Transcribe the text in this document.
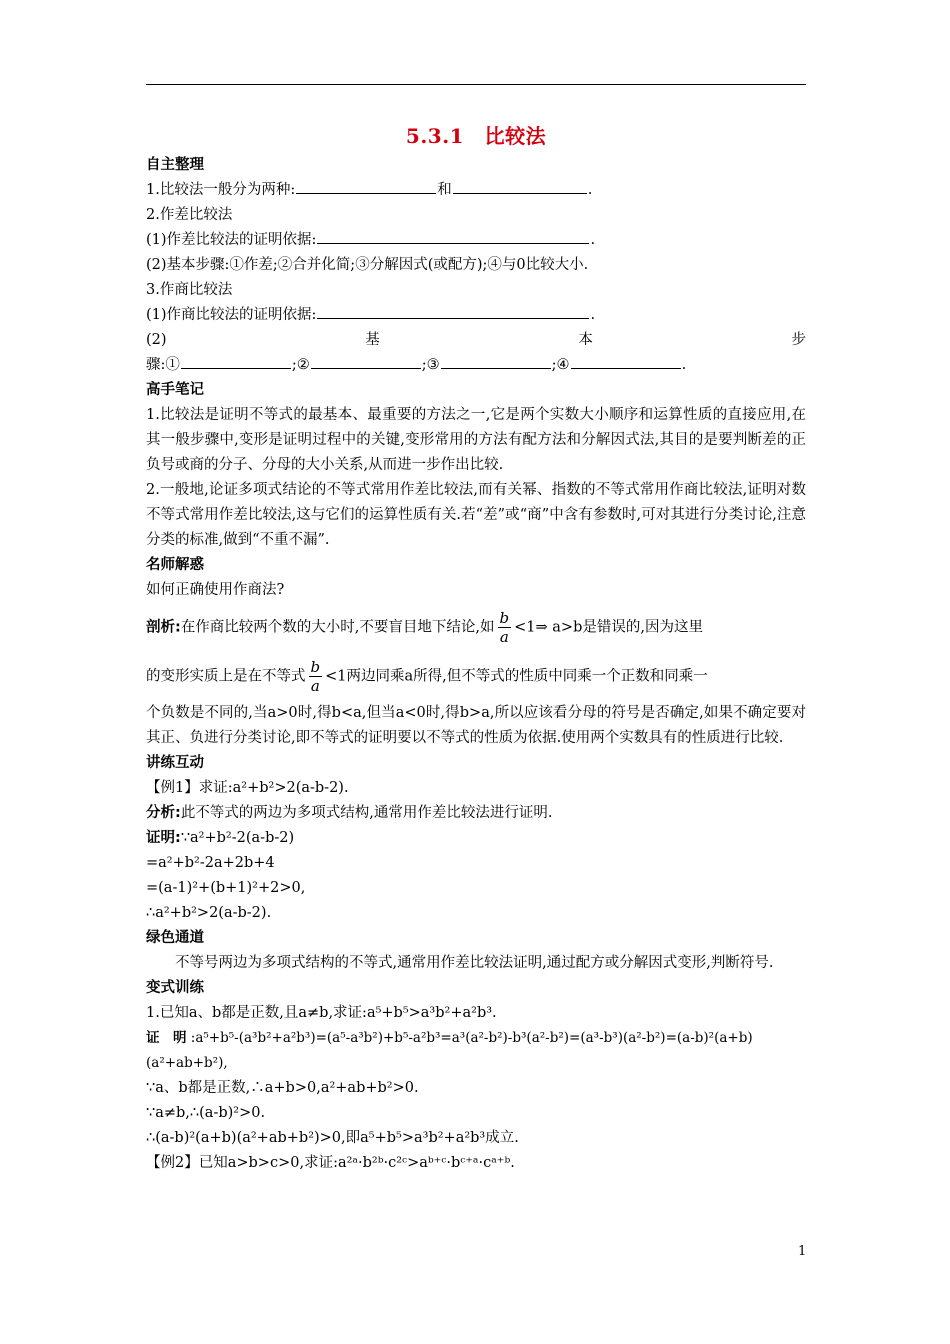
5.3.1　比较法
自主整理

1.比较法一般分为两种:	和	.

2.作差比较法

(1)作差比较法的证明依据:	.

(2)基本步骤:①作差;②合并化简;③分解因式(或配方);④与0比较大小.

3.作商比较法

(1)作商比较法的证明依据:	.

(2)	基	本	步

骤:①	;②	;③	;④	.

高手笔记

1.比较法是证明不等式的最基本、最重要的方法之一,它是两个实数大小顺序和运算性质的直接应用,在其一般步骤中,变形是证明过程中的关键,变形常用的方法有配方法和分解因式法,其目的是要判断差的正负号或商的分子、分母的大小关系,从而进一步作出比较.

2.一般地,论证多项式结论的不等式常用作差比较法,而有关幂、指数的不等式常用作商比较法,证明对数不等式常用作差比较法,这与它们的运算性质有关.若“差”或“商”中含有参数时,可对其进行分类讨论,注意分类的标准,做到“不重不漏”.

名师解惑

如何正确使用作商法?

剖析:在作商比较两个数的大小时,不要盲目地下结论,如 $\frac{b}{a}$ <1⇒ a>b是错误的,因为这里

的变形实质上是在不等式 $\frac{b}{a} <1$两边同乘a所得,但不等式的性质中同乘一个正数和同乘一

个负数是不同的,当a>0时,得b<a,但当a<0时,得b>a,所以应该看分母的符号是否确定,如果不确定要对其正、负进行分类讨论,即不等式的证明要以不等式的性质为依据.使用两个实数具有的性质进行比较.

讲练互动

【例1】求证:a²+b²>2(a-b-2).

分析:此不等式的两边为多项式结构,通常用作差比较法进行证明.

证明:∵a²+b²-2(a-b-2)

=a²+b²-2a+2b+4

=(a-1)²+(b+1)²+2>0,

∴a²+b²>2(a-b-2).

绿色通道

不等号两边为多项式结构的不等式,通常用作差比较法证明,通过配方或分解因式变形,判断符号.

变式训练

1.已知a、b都是正数,且a≠b,求证:a⁵+b⁵>a³b²+a²b³.

证　明 :a⁵+b⁵-(a³b²+a²b³)=(a⁵-a³b²)+b⁵-a²b³=a³(a²-b²)-b³(a²-b²)=(a³-b³)(a²-b²)=(a-b)²(a+b)(a²+ab+b²),

∵a、b都是正数,∴a+b>0,a²+ab+b²>0.

∵a≠b,∴(a-b)²>0.

∴(a-b)²(a+b)(a²+ab+b²)>0,即a⁵+b⁵>a³b²+a²b³成立.

【例2】已知a>b>c>0,求证:a²ᵃ·b²ᵇ·c²ᶜ>aᵇ⁺ᶜ·bᶜ⁺ᵃ·cᵃ⁺ᵇ.

1
